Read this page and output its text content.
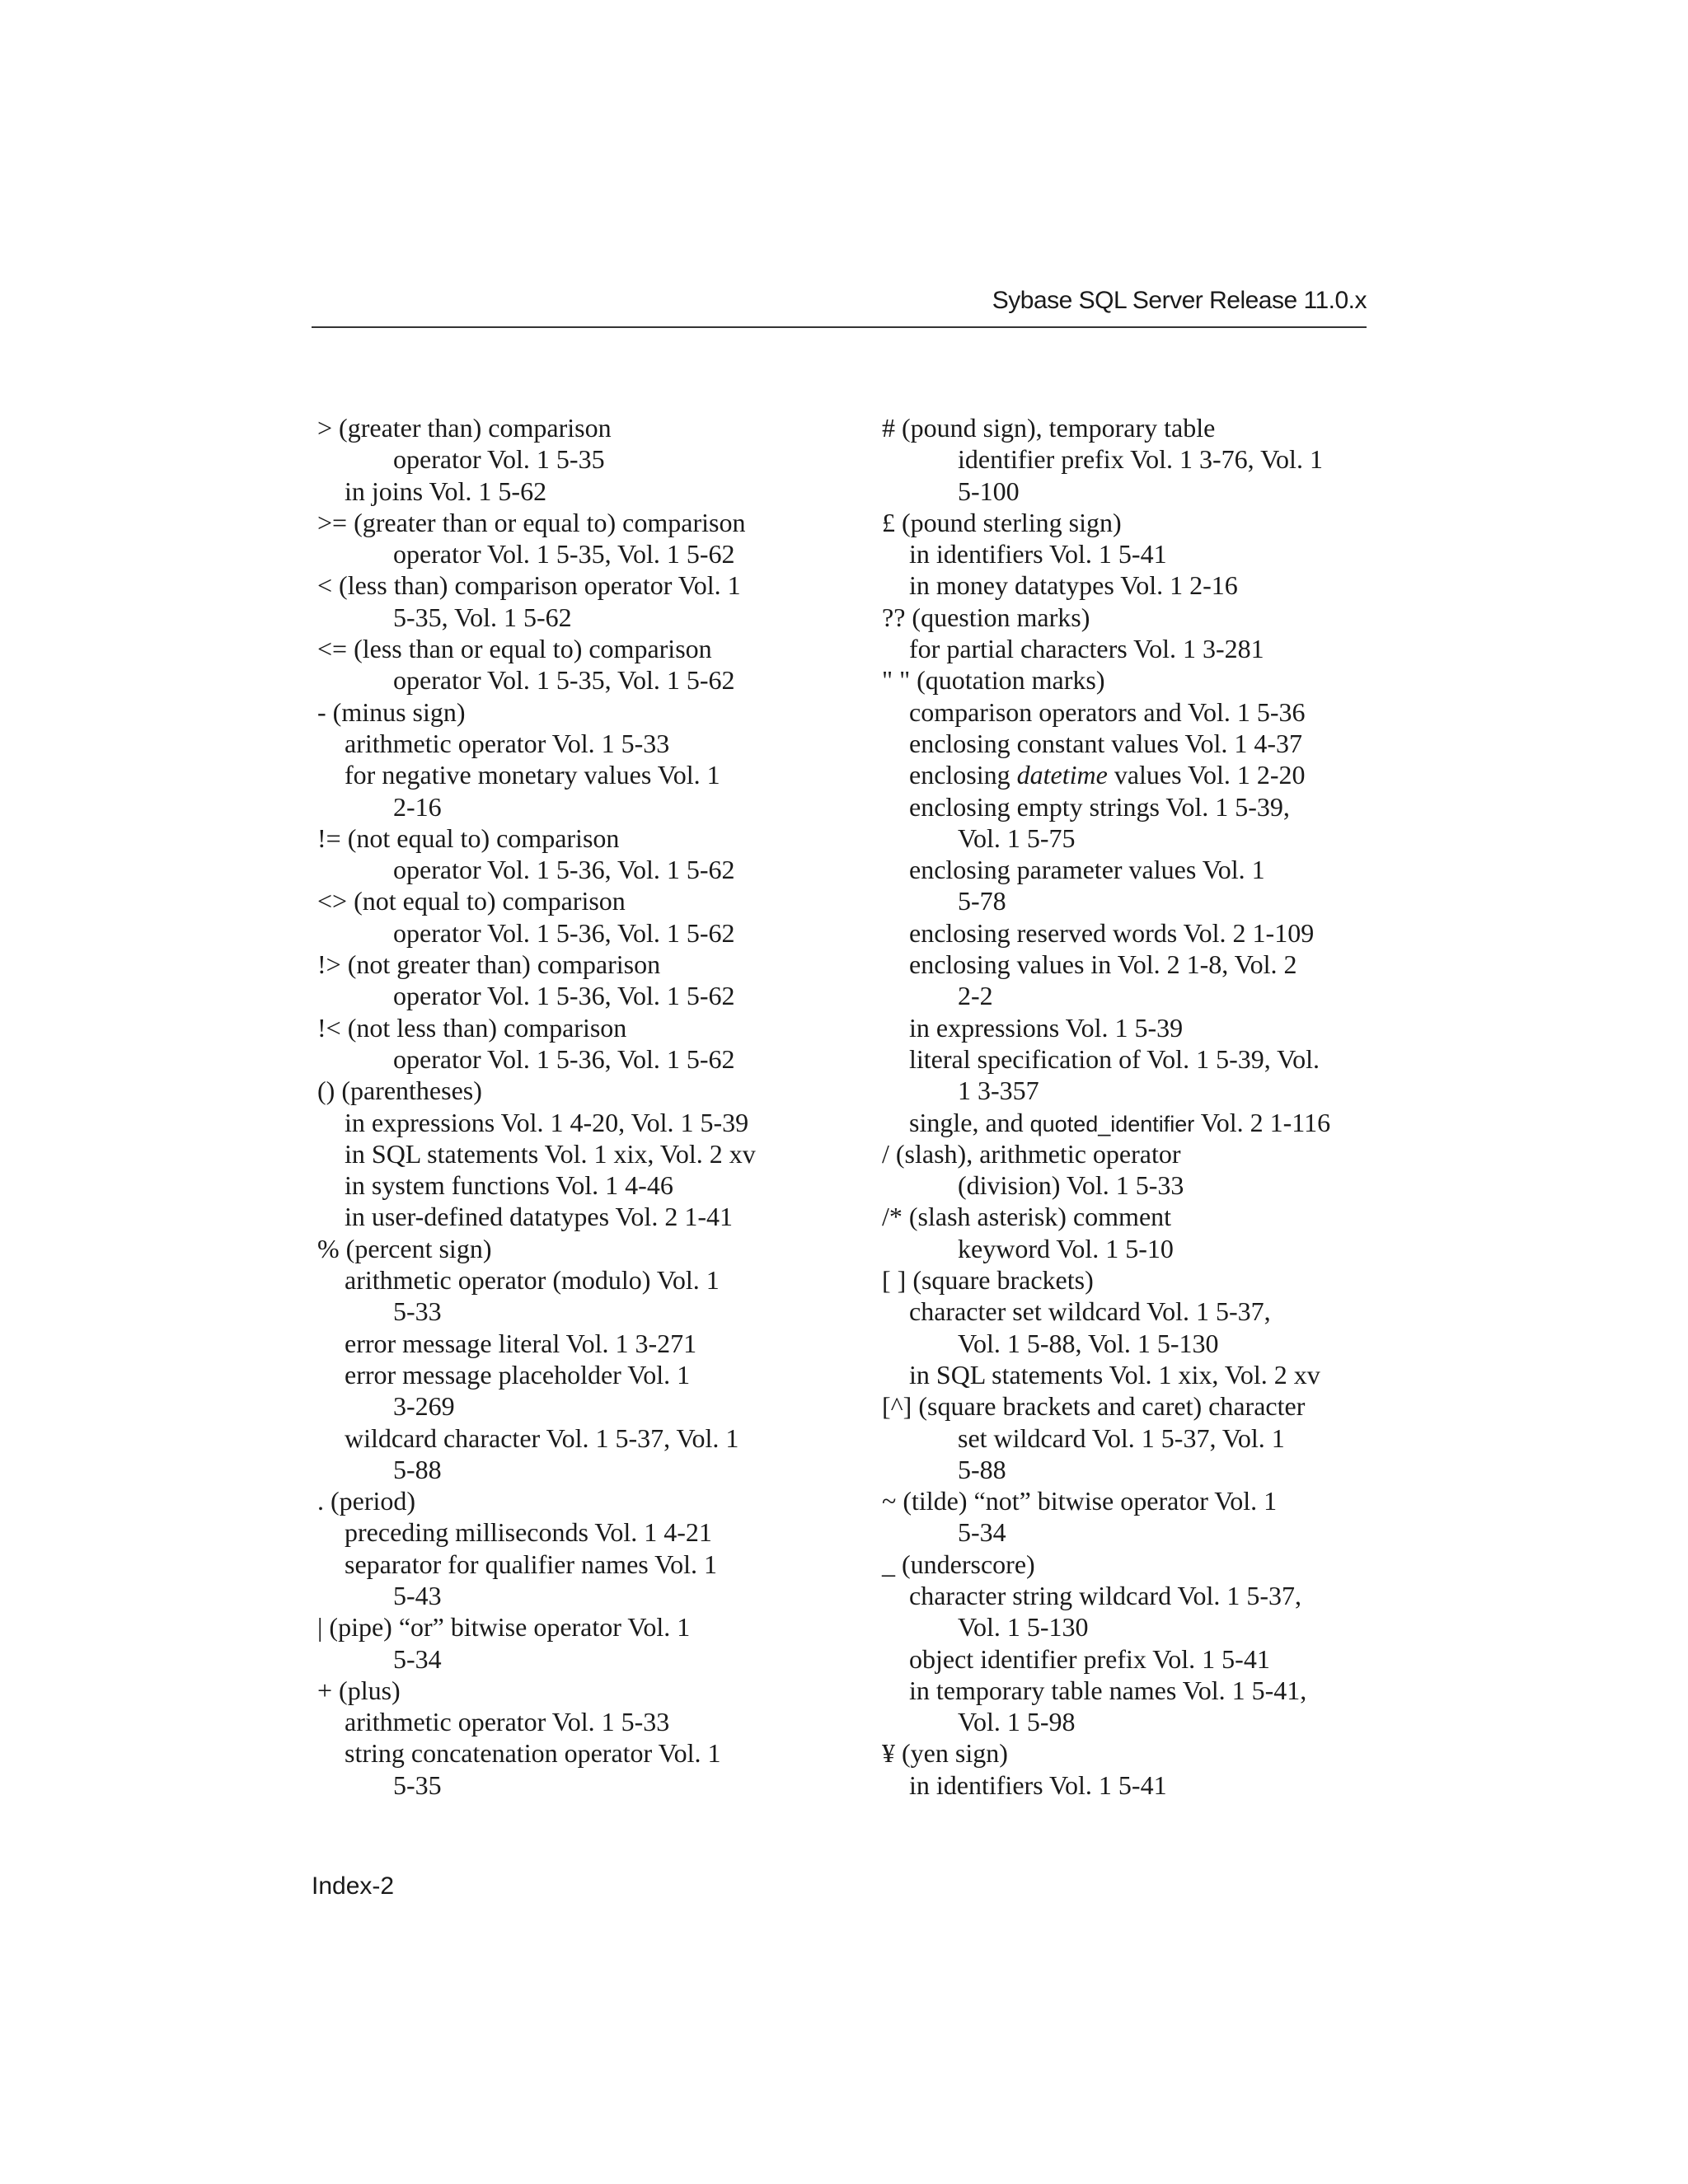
Sybase SQL Server Release 11.0.x
> (greater than) comparison
operator Vol. 1 5-35
in joins Vol. 1 5-62
>= (greater than or equal to) comparison
operator Vol. 1 5-35, Vol. 1 5-62
< (less than) comparison operator Vol. 1
5-35, Vol. 1 5-62
<= (less than or equal to) comparison
operator Vol. 1 5-35, Vol. 1 5-62
- (minus sign)
arithmetic operator Vol. 1 5-33
for negative monetary values Vol. 1
2-16
!= (not equal to) comparison
operator Vol. 1 5-36, Vol. 1 5-62
<> (not equal to) comparison
operator Vol. 1 5-36, Vol. 1 5-62
!> (not greater than) comparison
operator Vol. 1 5-36, Vol. 1 5-62
!< (not less than) comparison
operator Vol. 1 5-36, Vol. 1 5-62
() (parentheses)
in expressions Vol. 1 4-20, Vol. 1 5-39
in SQL statements Vol. 1 xix, Vol. 2 xv
in system functions Vol. 1 4-46
in user-defined datatypes Vol. 2 1-41
% (percent sign)
arithmetic operator (modulo) Vol. 1
5-33
error message literal Vol. 1 3-271
error message placeholder Vol. 1
3-269
wildcard character Vol. 1 5-37, Vol. 1
5-88
. (period)
preceding milliseconds Vol. 1 4-21
separator for qualifier names Vol. 1
5-43
| (pipe) “or” bitwise operator Vol. 1
5-34
+ (plus)
arithmetic operator Vol. 1 5-33
string concatenation operator Vol. 1
5-35
# (pound sign), temporary table
identifier prefix Vol. 1 3-76, Vol. 1
5-100
£ (pound sterling sign)
in identifiers Vol. 1 5-41
in money datatypes Vol. 1 2-16
?? (question marks)
for partial characters Vol. 1 3-281
" " (quotation marks)
comparison operators and Vol. 1 5-36
enclosing constant values Vol. 1 4-37
enclosing datetime values Vol. 1 2-20
enclosing empty strings Vol. 1 5-39,
Vol. 1 5-75
enclosing parameter values Vol. 1
5-78
enclosing reserved words Vol. 2 1-109
enclosing values in Vol. 2 1-8, Vol. 2
2-2
in expressions Vol. 1 5-39
literal specification of Vol. 1 5-39, Vol.
1 3-357
single, and quoted_identifier Vol. 2 1-116
/ (slash), arithmetic operator
(division) Vol. 1 5-33
/* (slash asterisk) comment
keyword Vol. 1 5-10
[ ] (square brackets)
character set wildcard Vol. 1 5-37,
Vol. 1 5-88, Vol. 1 5-130
in SQL statements Vol. 1 xix, Vol. 2 xv
[^] (square brackets and caret) character
set wildcard Vol. 1 5-37, Vol. 1
5-88
~ (tilde) “not” bitwise operator Vol. 1
5-34
_ (underscore)
character string wildcard Vol. 1 5-37,
Vol. 1 5-130
object identifier prefix Vol. 1 5-41
in temporary table names Vol. 1 5-41,
Vol. 1 5-98
¥ (yen sign)
in identifiers Vol. 1 5-41
Index-2
